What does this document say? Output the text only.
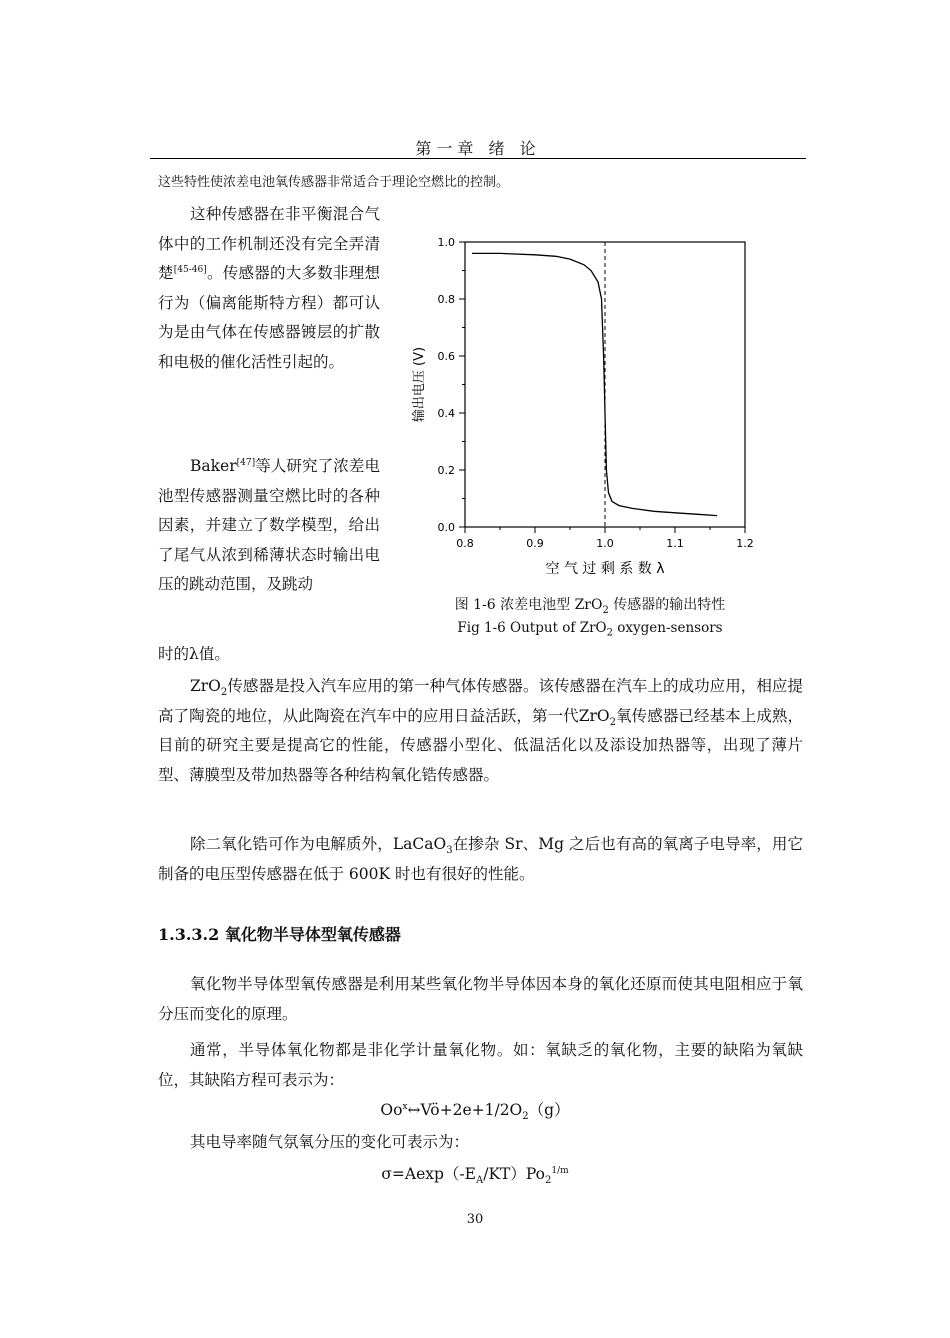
第一章 绪 论
这些特性使浓差电池氧传感器非常适合于理论空燃比的控制。
这种传感器在非平衡混合气体中的工作机制还没有完全弄清楚[45-46]。传感器的大多数非理想行为（偏离能斯特方程）都可认为是由气体在传感器镀层的扩散和电极的催化活性引起的。
Baker[47]等人研究了浓差电池型传感器测量空燃比时的各种因素，并建立了数学模型，给出了尾气从浓到稀薄状态时输出电压的跳动范围，及跳动
时的λ值。
0.8	0.9	1.0	1.1	1.2
0.0
0.2
0.4
0.6
0.8
1.0
空 气 过 剩 系 数 λ
输出电压 (V)
图 1-6 浓差电池型 ZrO$_2$ 传感器的输出特性
Fig 1-6 Output of ZrO$_2$ oxygen-sensors
ZrO$_2$传感器是投入汽车应用的第一种气体传感器。该传感器在汽车上的成功应用，相应提高了陶瓷的地位，从此陶瓷在汽车中的应用日益活跃，第一代ZrO$_2$氧传感器已经基本上成熟，目前的研究主要是提高它的性能，传感器小型化、低温活化以及添设加热器等，出现了薄片型、薄膜型及带加热器等各种结构氧化锆传感器。
除二氧化锆可作为电解质外，LaCaO$_3$在掺杂 Sr、Mg 之后也有高的氧离子电导率，用它制备的电压型传感器在低于 600K 时也有很好的性能。
1.3.3.2 氧化物半导体型氧传感器
氧化物半导体型氧传感器是利用某些氧化物半导体因本身的氧化还原而使其电阻相应于氧分压而变化的原理。
通常，半导体氧化物都是非化学计量氧化物。如：氧缺乏的氧化物，主要的缺陷为氧缺位，其缺陷方程可表示为：
$Oo^x\leftrightarrow Vö+2e+1/2O_2(g)$
其电导率随气氛氧分压的变化可表示为：
$\sigma=Aexp(-E_A/KT)Po_2^{1/m}$
30
